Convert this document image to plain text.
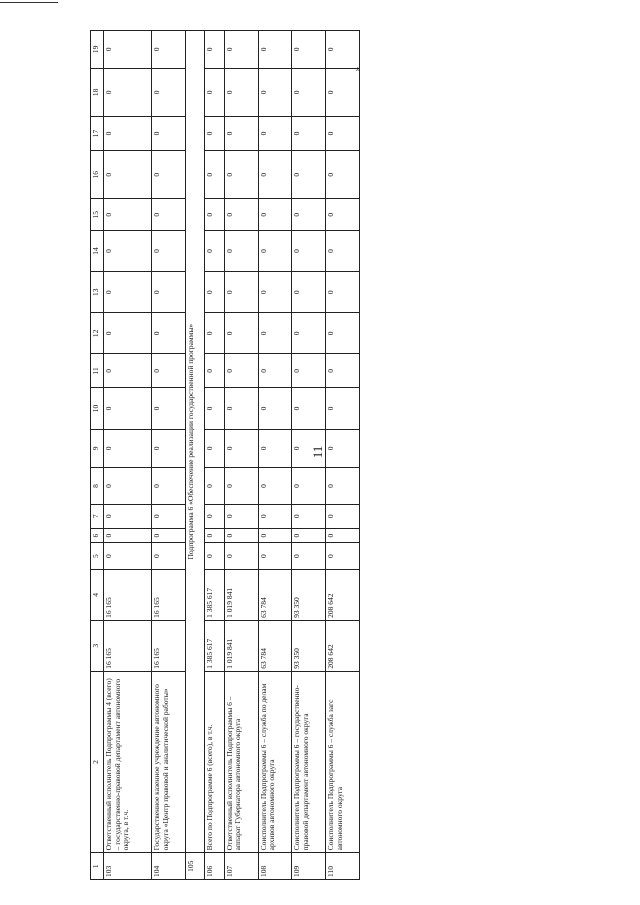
11
».
1	2	3	4	5	6	7	8	9	10	11	12	13	14	15	16	17	18	19
103	Ответственный исполнитель Подпрограммы 4 (всего) – государственно-правовой департамент автономного округа, в т.ч.	16 165	16 165	0	0	0	0	0	0	0	0	0	0	0	0	0	0	0
104	Государственное казенное учреждение автономного округа «Центр правовой и аналитической работы»	16 165	16 165	0	0	0	0	0	0	0	0	0	0	0	0	0	0	0
105	Подпрограмма 6 «Обеспечение реализации государственной программы»																	
106	Всего по Подпрограмме 6 (всего), в т.ч.	1 385 617	1 385 617	0	0	0	0	0	0	0	0	0	0	0	0	0	0	0
107	Ответственный исполнитель Подпрограммы 6 – аппарат Губернатора автономного округа	1 019 841	1 019 841	0	0	0	0	0	0	0	0	0	0	0	0	0	0	0
108	Соисполнитель Подпрограммы 6 – служба по делам архивов автономного округа	63 784	63 784	0	0	0	0	0	0	0	0	0	0	0	0	0	0	0
109	Соисполнитель Подпрограммы 6 – государственно-правовой департамент автономного округа	93 350	93 350	0	0	0	0	0	0	0	0	0	0	0	0	0	0	0
110	Соисполнитель Подпрограммы 6 – служба загс автономного округа	208 642	208 642	0	0	0	0	0	0	0	0	0	0	0	0	0	0	0
